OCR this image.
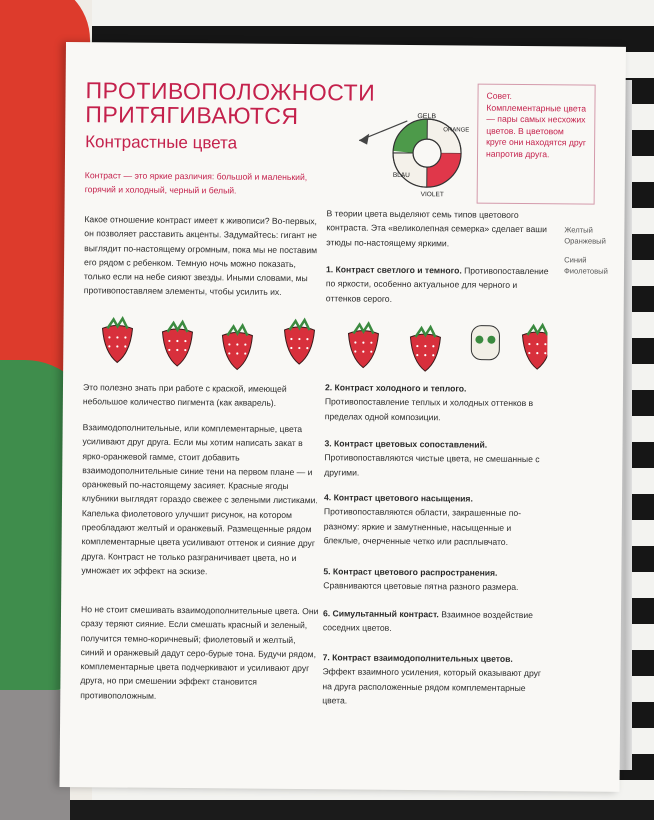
ПРОТИВОПОЛОЖНОСТИ ПРИТЯГИВАЮТСЯ
Контрастные цвета
Контраст — это яркие различия: большой и маленький, горячий и холодный, черный и белый.
GELB
ORANGE
BLAU
VIOLET
Совет. Комплементарные цвета — пары самых несхожих цветов. В цветовом круге они находятся друг напротив друга.
Желтый Оранжевый
Синий Фиолетовый
Какое отношение контраст имеет к живописи? Во-первых, он позволяет расставить акценты. Задумайтесь: гигант не выглядит по-настоящему огромным, пока мы не поставим его рядом с ребенком. Темную ночь можно показать, только если на небе сияют звезды. Иными словами, мы противопоставляем элементы, чтобы усилить их.
Это полезно знать при работе с краской, имеющей небольшое количество пигмента (как акварель).
Взаимодополнительные, или комплементарные, цвета усиливают друг друга. Если мы хотим написать закат в ярко-оранжевой гамме, стоит добавить взаимодополнительные синие тени на первом плане — и оранжевый по-настоящему засияет. Красные ягоды клубники выглядят гораздо свежее с зелеными листиками. Капелька фиолетового улучшит рисунок, на котором преобладают желтый и оранжевый. Размещенные рядом комплементарные цвета усиливают оттенок и сияние друг друга. Контраст не только разграничивает цвета, но и умножает их эффект на эскизе.
Но не стоит смешивать взаимодополнительные цвета. Они сразу теряют сияние. Если смешать красный и зеленый, получится темно-коричневый; фиолетовый и желтый, синий и оранжевый дадут серо-бурые тона. Будучи рядом, комплементарные цвета подчеркивают и усиливают друг друга, но при смешении эффект становится противоположным.
В теории цвета выделяют семь типов цветового контраста. Эта «великолепная семерка» сделает ваши этюды по-настоящему яркими.
1. Контраст светлого и темного. Противопоставление по яркости, особенно актуальное для черного и оттенков серого.
2. Контраст холодного и теплого. Противопоставление теплых и холодных оттенков в пределах одной композиции.
3. Контраст цветовых сопоставлений. Противопоставляются чистые цвета, не смешанные с другими.
4. Контраст цветового насыщения. Противопоставляются области, закрашенные по-разному: яркие и замутненные, насыщенные и блеклые, очерченные четко или расплывчато.
5. Контраст цветового распространения. Сравниваются цветовые пятна разного размера.
6. Симультанный контраст. Взаимное воздействие соседних цветов.
7. Контраст взаимодополнительных цветов. Эффект взаимного усиления, который оказывают друг на друга расположенные рядом комплементарные цвета.
